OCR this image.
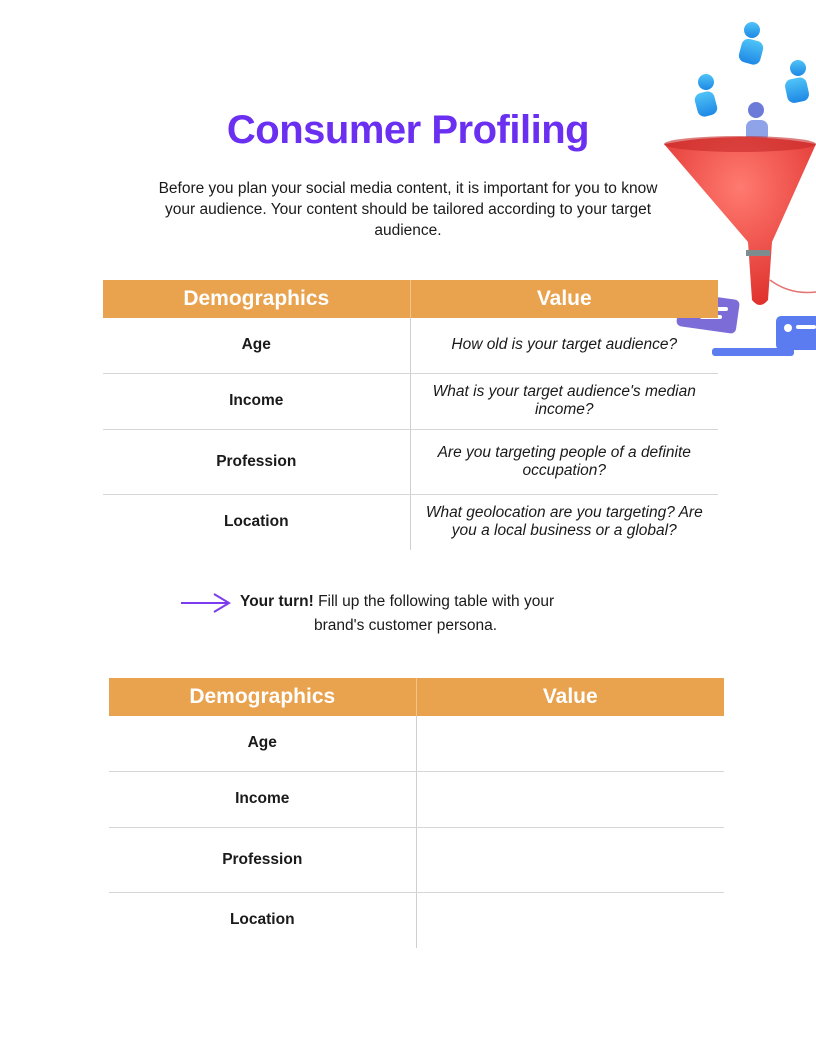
Consumer Profiling
Before you plan your social media content, it is important for you to know your audience. Your content should be tailored according to your target audience.
Demographics	Value
Age	How old is your target audience?
Income	What is your target audience's median income?
Profession	Are you targeting people of a definite occupation?
Location	What geolocation are you targeting? Are you a local business or a global?
Your turn! Fill up the following table with your
brand's customer persona.
Demographics	Value
Age	
Income	
Profession	
Location	
